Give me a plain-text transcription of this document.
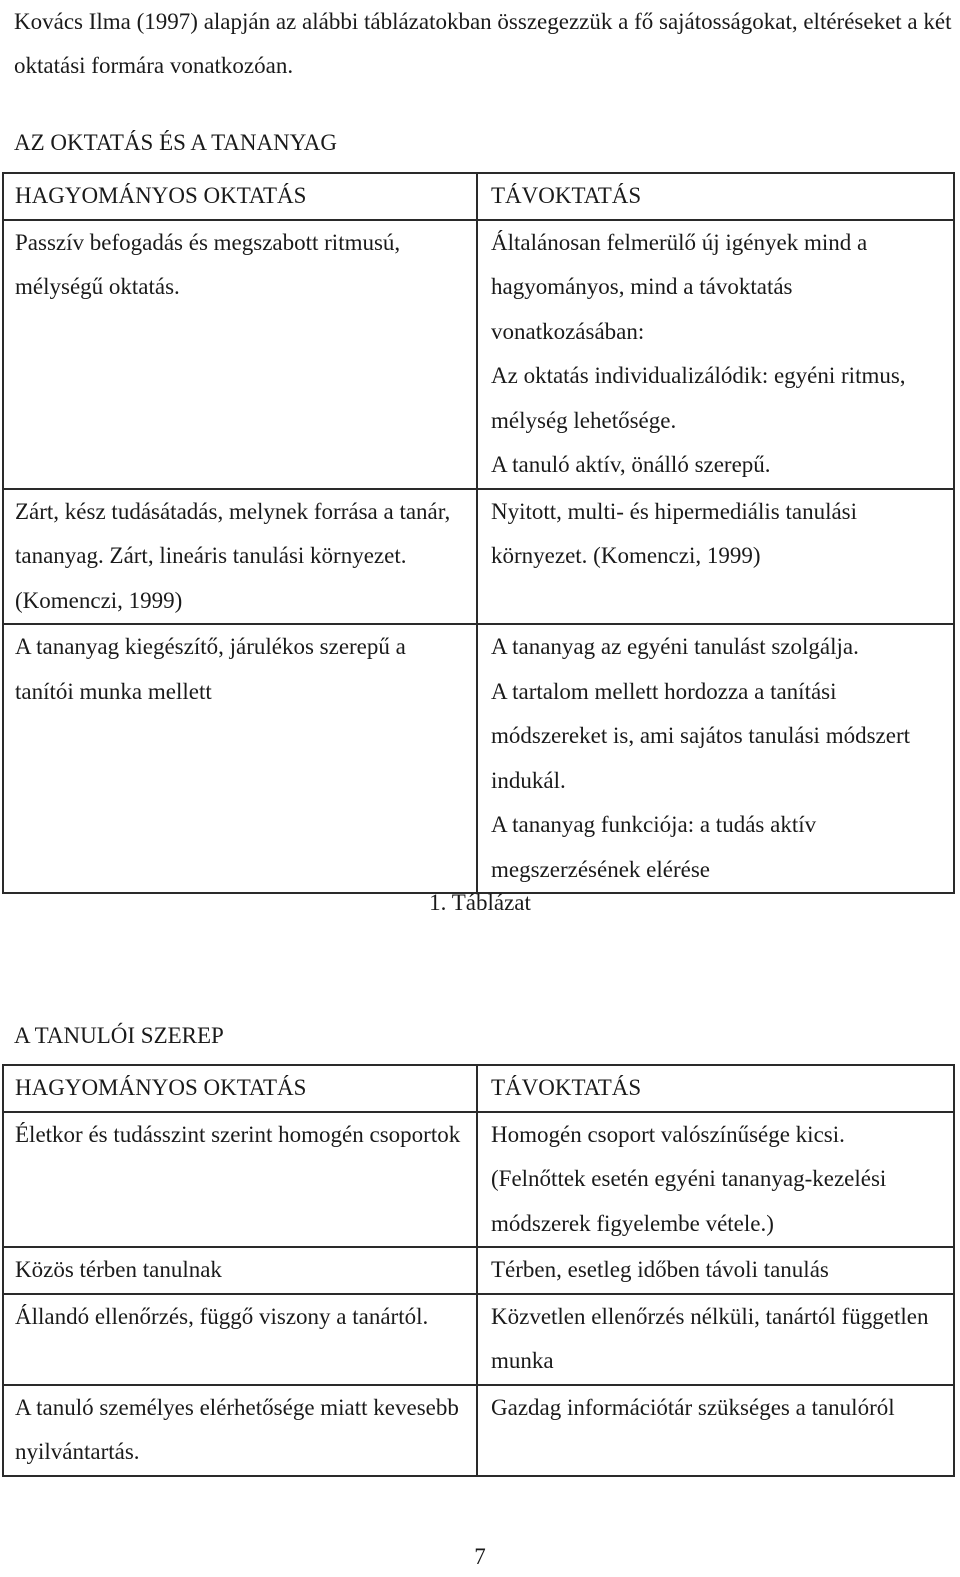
Kovács Ilma (1997) alapján az alábbi táblázatokban összegezzük a fő sajátosságokat, eltéréseket a két oktatási formára vonatkozóan.

AZ OKTATÁS ÉS A TANANYAG
HAGYOMÁNYOS OKTATÁS	TÁVOKTATÁS

Passzív befogadás és megszabott ritmusú, mélységű oktatás.	Általánosan felmerülő új igények mind a hagyományos, mind a távoktatás vonatkozásában:
Az oktatás individualizálódik: egyéni ritmus, mélység lehetősége.
A tanuló aktív, önálló szerepű.

Zárt, kész tudásátadás, melynek forrása a tanár, tananyag. Zárt, lineáris tanulási környezet. (Komenczi, 1999)	Nyitott, multi- és hipermediális tanulási környezet. (Komenczi, 1999)

A tananyag kiegészítő, járulékos szerepű a tanítói munka mellett	A tananyag az egyéni tanulást szolgálja.
A tartalom mellett hordozza a tanítási módszereket is, ami sajátos tanulási módszert indukál.
A tananyag funkciója: a tudás aktív megszerzésének elérése
1. Táblázat
A TANULÓI SZEREP
HAGYOMÁNYOS OKTATÁS	TÁVOKTATÁS

Életkor és tudásszint szerint homogén csoportok	Homogén csoport valószínűsége kicsi.
(Felnőttek esetén egyéni tananyag-kezelési módszerek figyelembe vétele.)

Közös térben tanulnak	Térben, esetleg időben távoli tanulás

Állandó ellenőrzés, függő viszony a tanártól.	Közvetlen ellenőrzés nélküli, tanártól független munka

A tanuló személyes elérhetősége miatt kevesebb nyilvántartás.	Gazdag információtár szükséges a tanulóról
7
